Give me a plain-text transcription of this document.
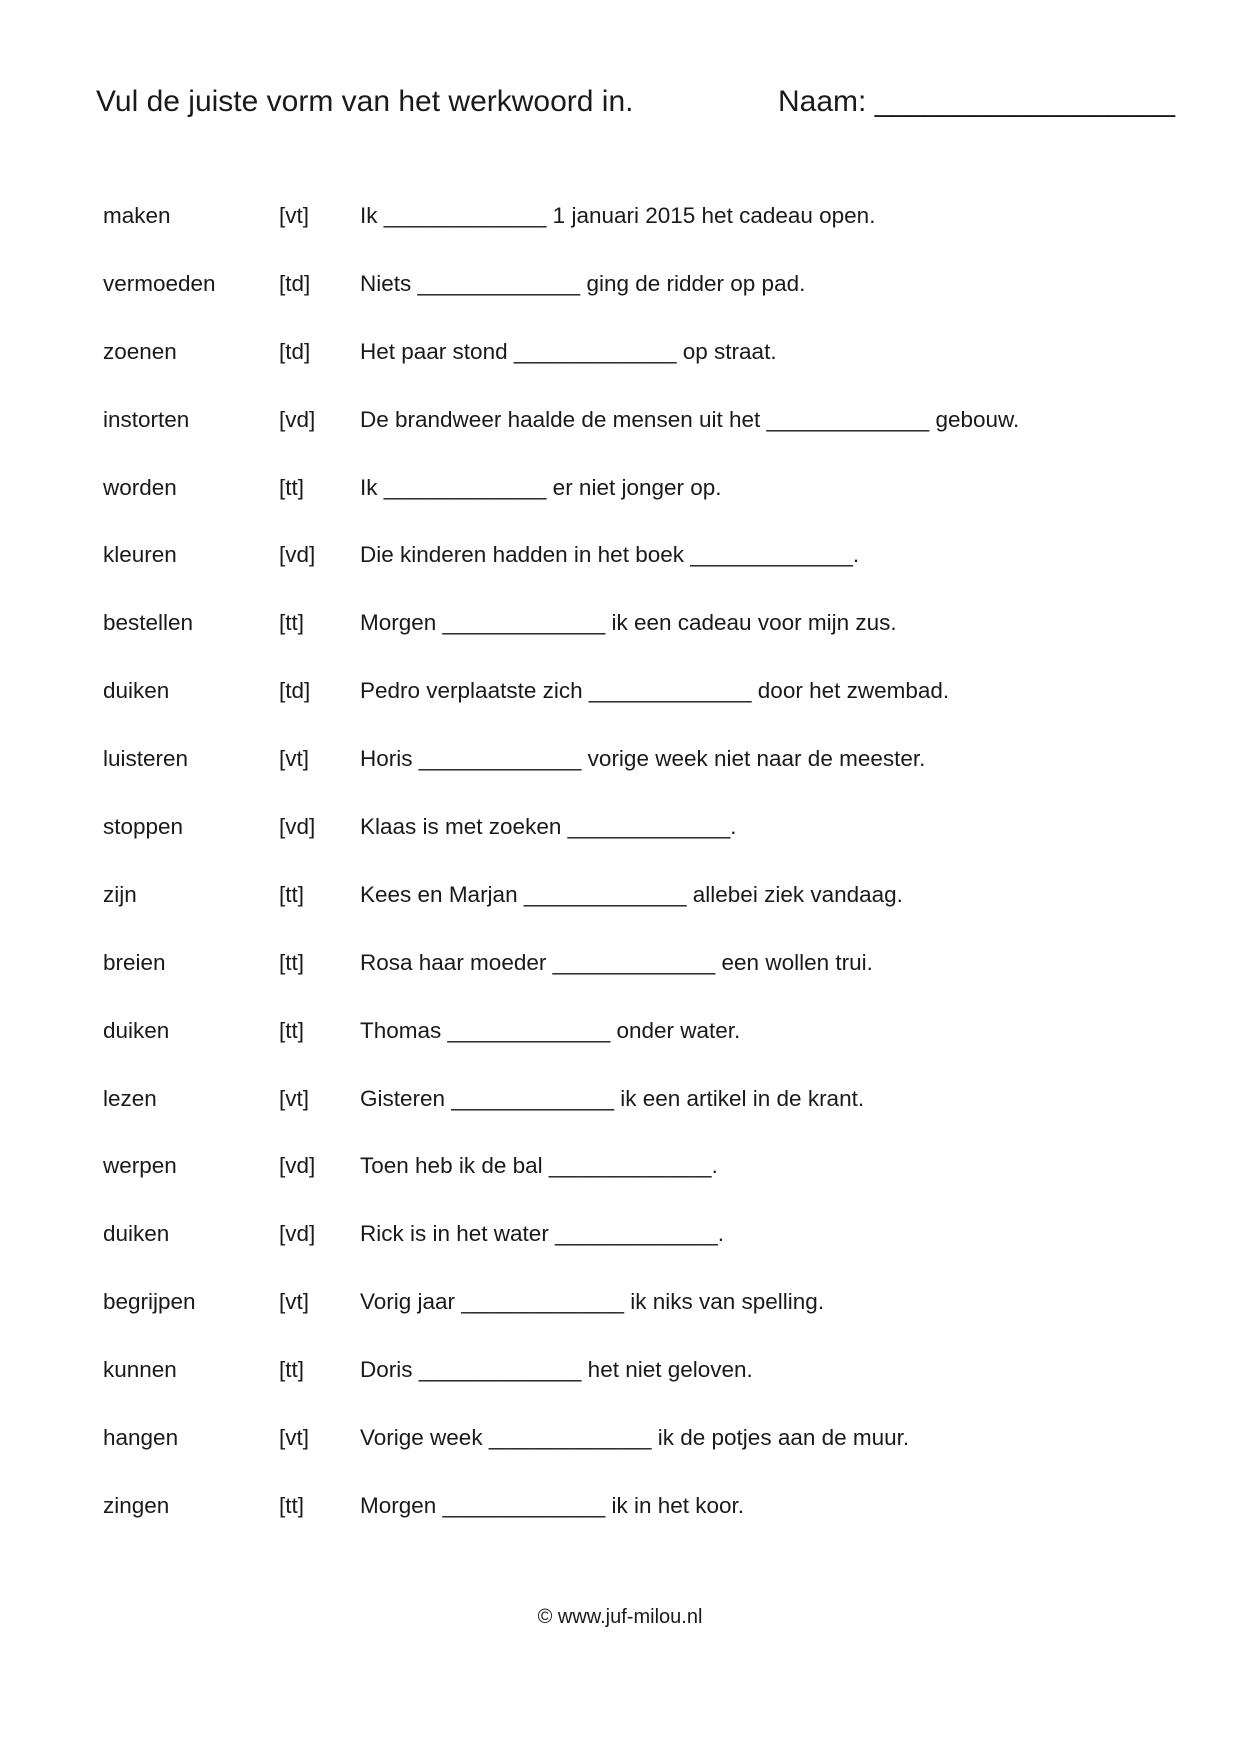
Vul de juiste vorm van het werkwoord in.	Naam: __________________
maken	[vt] Ik _____________ 1 januari 2015 het cadeau open.
vermoeden	[td] Niets _____________ ging de ridder op pad.
zoenen	[td] Het paar stond _____________ op straat.
instorten	[vd] De brandweer haalde de mensen uit het _____________ gebouw.
worden	[tt] Ik _____________ er niet jonger op.
kleuren	[vd] Die kinderen hadden in het boek _____________.
bestellen	[tt] Morgen _____________ ik een cadeau voor mijn zus.
duiken	[td] Pedro verplaatste zich _____________ door het zwembad.
luisteren	[vt] Horis _____________ vorige week niet naar de meester.
stoppen	[vd] Klaas is met zoeken _____________.
zijn	[tt] Kees en Marjan _____________ allebei ziek vandaag.
breien	[tt] Rosa haar moeder _____________ een wollen trui.
duiken	[tt] Thomas _____________ onder water.
lezen	[vt] Gisteren _____________ ik een artikel in de krant.
werpen	[vd] Toen heb ik de bal _____________.
duiken	[vd] Rick is in het water _____________.
begrijpen	[vt] Vorig jaar _____________ ik niks van spelling.
kunnen	[tt] Doris _____________ het niet geloven.
hangen	[vt] Vorige week _____________ ik de potjes aan de muur.
zingen	[tt] Morgen _____________ ik in het koor.
© www.juf-milou.nl
